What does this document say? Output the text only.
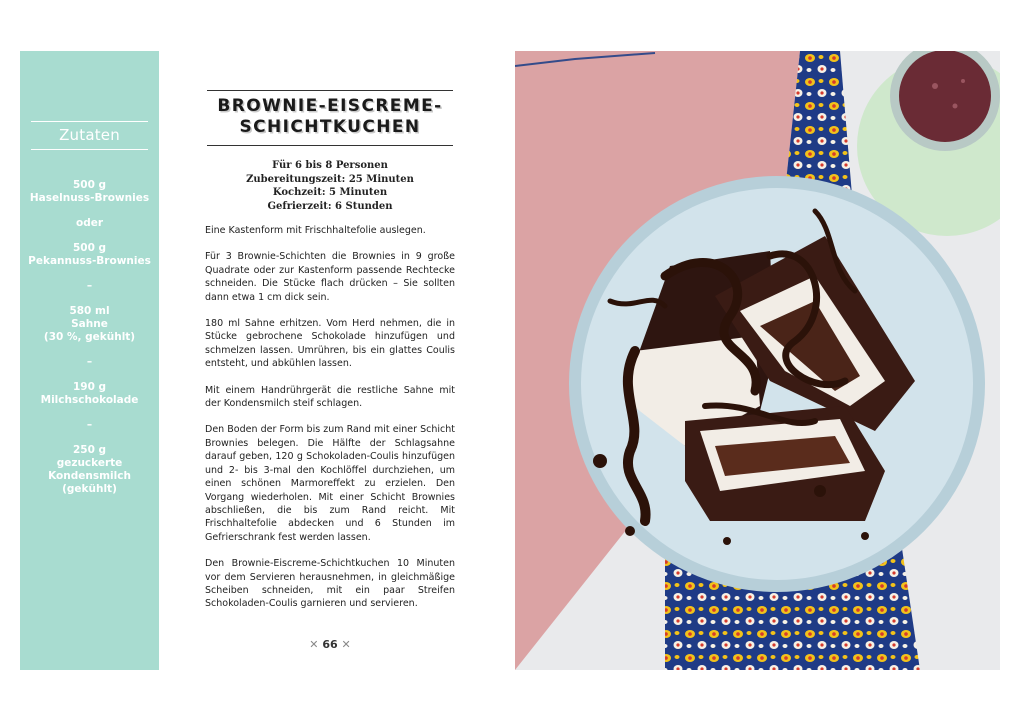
Zutaten
500 g
Haselnuss-Brownies
oder
500 g
Pekannuss-Brownies
–
580 ml
Sahne
(30 %, gekühlt)
–
190 g
Milchschokolade
–
250 g
gezuckerte
Kondensmilch
(gekühlt)
BROWNIE-EISCREME-
SCHICHTKUCHEN
Für 6 bis 8 Personen
Zubereitungszeit: 25 Minuten
Kochzeit: 5 Minuten
Gefrierzeit: 6 Stunden

Eine Kastenform mit Frischhaltefolie auslegen.

Für 3 Brownie-Schichten die Brownies in 9 große Quadrate oder zur Kastenform passende Rechtecke schneiden. Die Stücke flach drücken – Sie sollten dann etwa 1 cm dick sein.

180 ml Sahne erhitzen. Vom Herd nehmen, die in Stücke gebrochene Schokolade hinzufügen und schmelzen lassen. Umrühren, bis ein glattes Coulis entsteht, und abkühlen lassen.

Mit einem Handrührgerät die restliche Sahne mit der Kondensmilch steif schlagen.

Den Boden der Form bis zum Rand mit einer Schicht Brownies belegen. Die Hälfte der Schlagsahne darauf geben, 120 g Schokoladen-Coulis hinzufügen und 2- bis 3-mal den Kochlöffel durchziehen, um einen schönen Marmoreffekt zu erzielen. Den Vorgang wiederholen. Mit einer Schicht Brownies abschließen, die bis zum Rand reicht. Mit Frischhaltefolie abdecken und 6 Stunden im Gefrierschrank fest werden lassen.

Den Brownie-Eiscreme-Schichtkuchen 10 Minuten vor dem Servieren herausnehmen, in gleichmäßige Scheiben schneiden, mit ein paar Streifen Schokoladen-Coulis garnieren und servieren.

✕ 66 ✕
